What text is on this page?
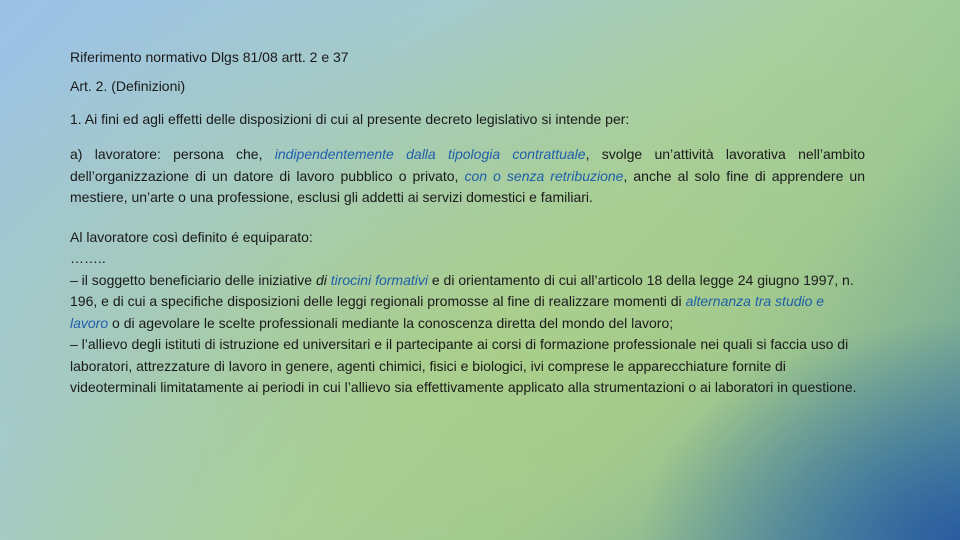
Riferimento normativo Dlgs 81/08 artt. 2 e 37

Art. 2. (Definizioni)

1. Ai fini ed agli effetti delle disposizioni di cui al presente decreto legislativo si intende per:

a) lavoratore: persona che, indipendentemente dalla tipologia contrattuale, svolge un’attività lavorativa nell’ambito dell’organizzazione di un datore di lavoro pubblico o privato, con o senza retribuzione, anche al solo fine di apprendere un mestiere, un’arte o una professione, esclusi gli addetti ai servizi domestici e familiari.

Al lavoratore così definito é equiparato:

……..

– il soggetto beneficiario delle iniziative di tirocini formativi e di orientamento di cui all’articolo 18 della legge 24 giugno 1997, n. 196, e di cui a specifiche disposizioni delle leggi regionali promosse al fine di realizzare momenti di alternanza tra studio e lavoro o di agevolare le scelte professionali mediante la conoscenza diretta del mondo del lavoro;

– l’allievo degli istituti di istruzione ed universitari e il partecipante ai corsi di formazione professionale nei quali si faccia uso di laboratori, attrezzature di lavoro in genere, agenti chimici, fisici e biologici, ivi comprese le apparecchiature fornite di videoterminali limitatamente ai periodi in cui l’allievo sia effettivamente applicato alla strumentazioni o ai laboratori in questione.
